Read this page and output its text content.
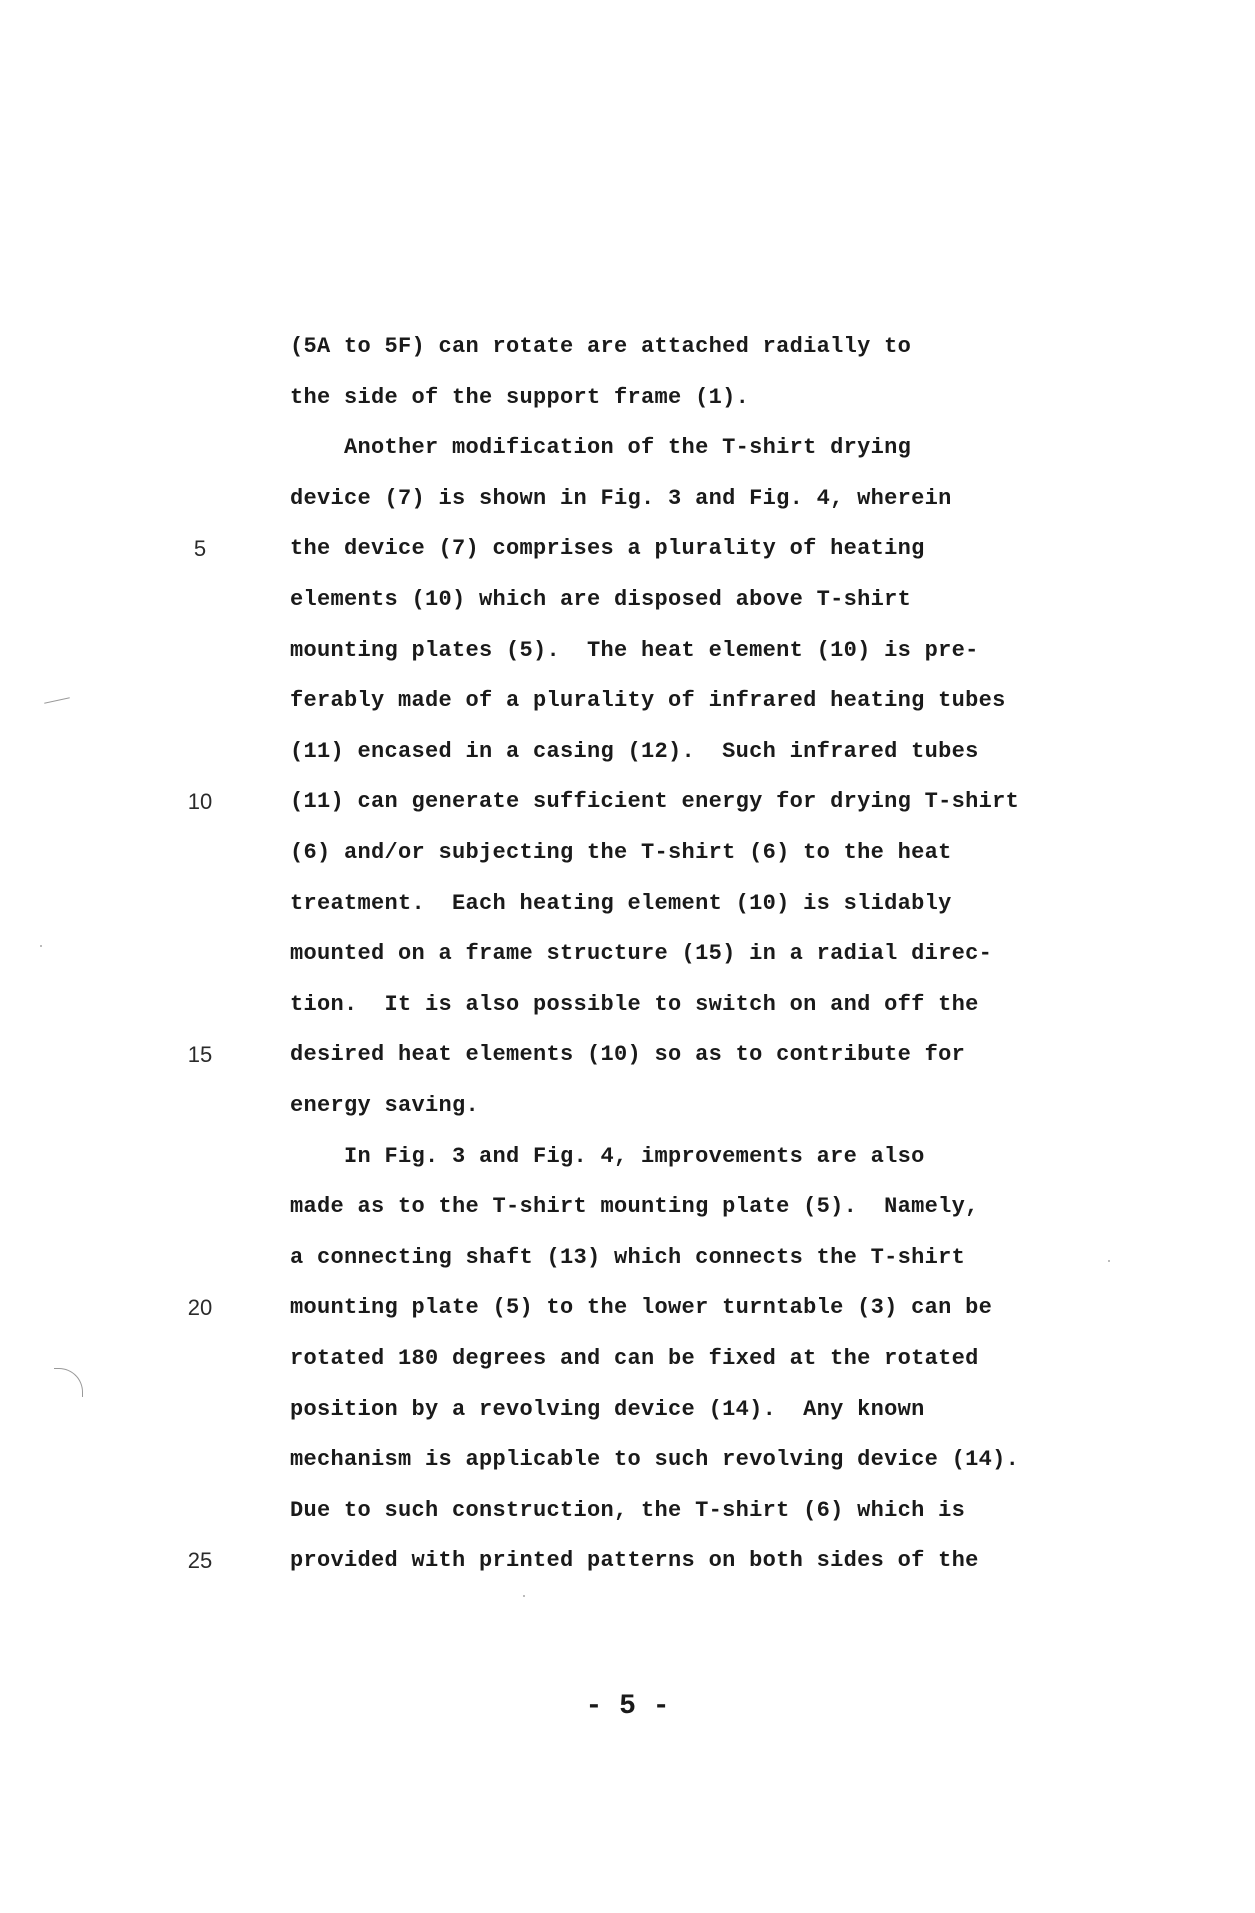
(5A to 5F) can rotate are attached radially to
the side of the support frame (1).
Another modification of the T-shirt drying
device (7) is shown in Fig. 3 and Fig. 4, wherein
the device (7) comprises a plurality of heating
elements (10) which are disposed above T-shirt
mounting plates (5).  The heat element (10) is pre-
ferably made of a plurality of infrared heating tubes
(11) encased in a casing (12).  Such infrared tubes
(11) can generate sufficient energy for drying T-shirt
(6) and/or subjecting the T-shirt (6) to the heat
treatment.  Each heating element (10) is slidably
mounted on a frame structure (15) in a radial direc-
tion.  It is also possible to switch on and off the
desired heat elements (10) so as to contribute for
energy saving.
In Fig. 3 and Fig. 4, improvements are also
made as to the T-shirt mounting plate (5).  Namely,
a connecting shaft (13) which connects the T-shirt
mounting plate (5) to the lower turntable (3) can be
rotated 180 degrees and can be fixed at the rotated
position by a revolving device (14).  Any known
mechanism is applicable to such revolving device (14).
Due to such construction, the T-shirt (6) which is
provided with printed patterns on both sides of the
5
10
15
20
25
- 5 -
